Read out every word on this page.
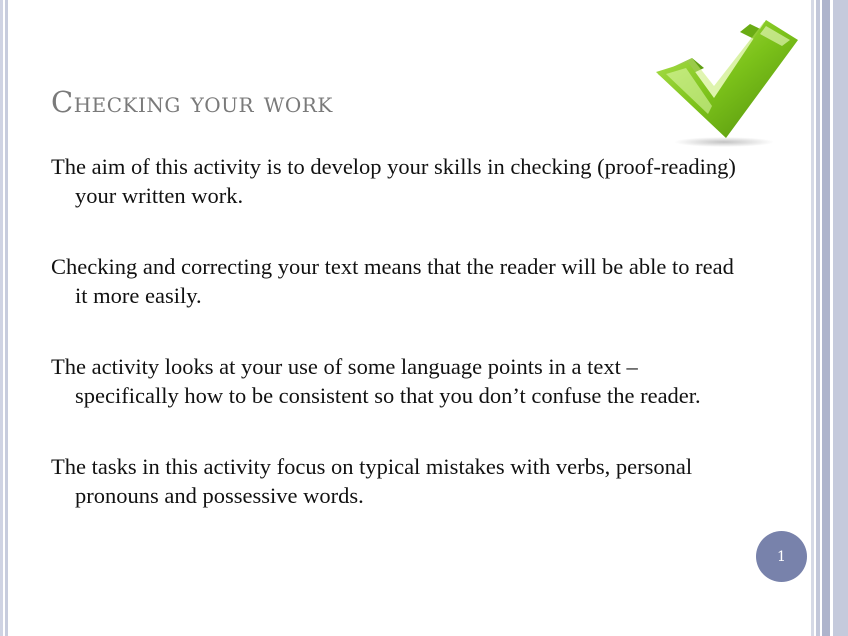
Checking your work

The aim of this activity is to develop your skills in checking (proof-reading) your written work.

Checking and correcting your text means that the reader will be able to read it more easily.

The activity looks at your use of some language points in a text – specifically how to be consistent so that you don’t confuse the reader.

The tasks in this activity focus on typical mistakes with verbs, personal pronouns and possessive words.

1
